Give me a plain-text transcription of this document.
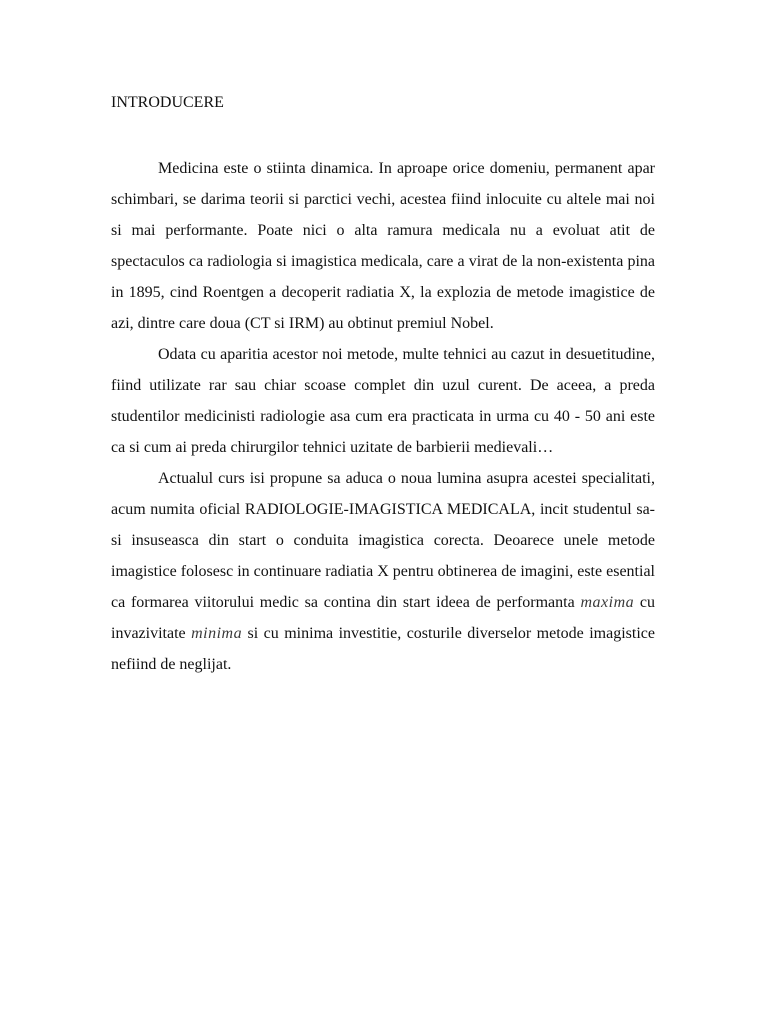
INTRODUCERE

Medicina este o stiinta dinamica. In aproape orice domeniu, permanent apar schimbari, se darima teorii si parctici vechi, acestea fiind inlocuite cu altele mai noi si mai performante. Poate nici o alta ramura medicala nu a evoluat atit de spectaculos ca radiologia si imagistica medicala, care a virat de la non-existenta pina in 1895, cind Roentgen a decoperit radiatia X, la explozia de metode imagistice de azi, dintre care doua (CT si IRM) au obtinut premiul Nobel.

Odata cu aparitia acestor noi metode, multe tehnici au cazut in desuetitudine, fiind utilizate rar sau chiar scoase complet din uzul curent. De aceea, a preda studentilor medicinisti radiologie asa cum era practicata in urma cu 40 - 50 ani este ca si cum ai preda chirurgilor tehnici uzitate de barbierii medievali…

Actualul curs isi propune sa aduca o noua lumina asupra acestei specialitati, acum numita oficial RADIOLOGIE-IMAGISTICA MEDICALA, incit studentul sa-si insuseasca din start o conduita imagistica corecta. Deoarece unele metode imagistice folosesc in continuare radiatia X pentru obtinerea de imagini, este esential ca formarea viitorului medic sa contina din start ideea de performanta maxima cu invazivitate minima si cu minima investitie, costurile diverselor metode imagistice nefiind de neglijat.
